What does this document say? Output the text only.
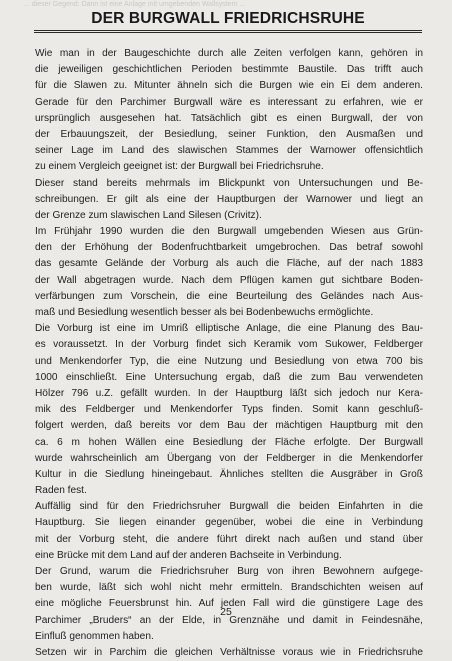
... dieser Gegend: Dann ist eine Anlage mit umgebenden Wallsystem ...
DER BURGWALL FRIEDRICHSRUHE
Wie man in der Baugeschichte durch alle Zeiten verfolgen kann, gehören in
die jeweiligen geschichtlichen Perioden bestimmte Baustile. Das trifft auch
für die Slawen zu. Mitunter ähneln sich die Burgen wie ein Ei dem anderen.
Gerade für den Parchimer Burgwall wäre es interessant zu erfahren, wie er
ursprünglich ausgesehen hat. Tatsächlich gibt es einen Burgwall, der von
der Erbauungszeit, der Besiedlung, seiner Funktion, den Ausmaßen und
seiner Lage im Land des slawischen Stammes der Warnower offensichtlich
zu einem Vergleich geeignet ist: der Burgwall bei Friedrichsruhe.
Dieser stand bereits mehrmals im Blickpunkt von Untersuchungen und Be-
schreibungen. Er gilt als eine der Hauptburgen der Warnower und liegt an
der Grenze zum slawischen Land Silesen (Crivitz).
Im Frühjahr 1990 wurden die den Burgwall umgebenden Wiesen aus Grün-
den der Erhöhung der Bodenfruchtbarkeit umgebrochen. Das betraf sowohl
das gesamte Gelände der Vorburg als auch die Fläche, auf der nach 1883
der Wall abgetragen wurde. Nach dem Pflügen kamen gut sichtbare Boden-
verfärbungen zum Vorschein, die eine Beurteilung des Geländes nach Aus-
maß und Besiedlung wesentlich besser als bei Bodenbewuchs ermöglichte.
Die Vorburg ist eine im Umriß elliptische Anlage, die eine Planung des Bau-
es voraussetzt. In der Vorburg findet sich Keramik vom Sukower, Feldberger
und Menkendorfer Typ, die eine Nutzung und Besiedlung von etwa 700 bis
1000 einschließt. Eine Untersuchung ergab, daß die zum Bau verwendeten
Hölzer 796 u.Z. gefällt wurden. In der Hauptburg läßt sich jedoch nur Kera-
mik des Feldberger und Menkendorfer Typs finden. Somit kann geschluß-
folgert werden, daß bereits vor dem Bau der mächtigen Hauptburg mit den
ca. 6 m hohen Wällen eine Besiedlung der Fläche erfolgte. Der Burgwall
wurde wahrscheinlich am Übergang von der Feldberger in die Menkendorfer
Kultur in die Siedlung hineingebaut. Ähnliches stellten die Ausgräber in Groß
Raden fest.
Auffällig sind für den Friedrichsruher Burgwall die beiden Einfahrten in die
Hauptburg. Sie liegen einander gegenüber, wobei die eine in Verbindung
mit der Vorburg steht, die andere führt direkt nach außen und stand über
eine Brücke mit dem Land auf der anderen Bachseite in Verbindung.
Der Grund, warum die Friedrichsruher Burg von ihren Bewohnern aufgege-
ben wurde, läßt sich wohl nicht mehr ermitteln. Brandschichten weisen auf
eine mögliche Feuersbrunst hin. Auf jeden Fall wird die günstigere Lage des
Parchimer „Bruders“ an der Elde, in Grenznähe und damit in Feindesnähe,
Einfluß genommen haben.
Setzen wir in Parchim die gleichen Verhältnisse voraus wie in Friedrichsruhe
25
